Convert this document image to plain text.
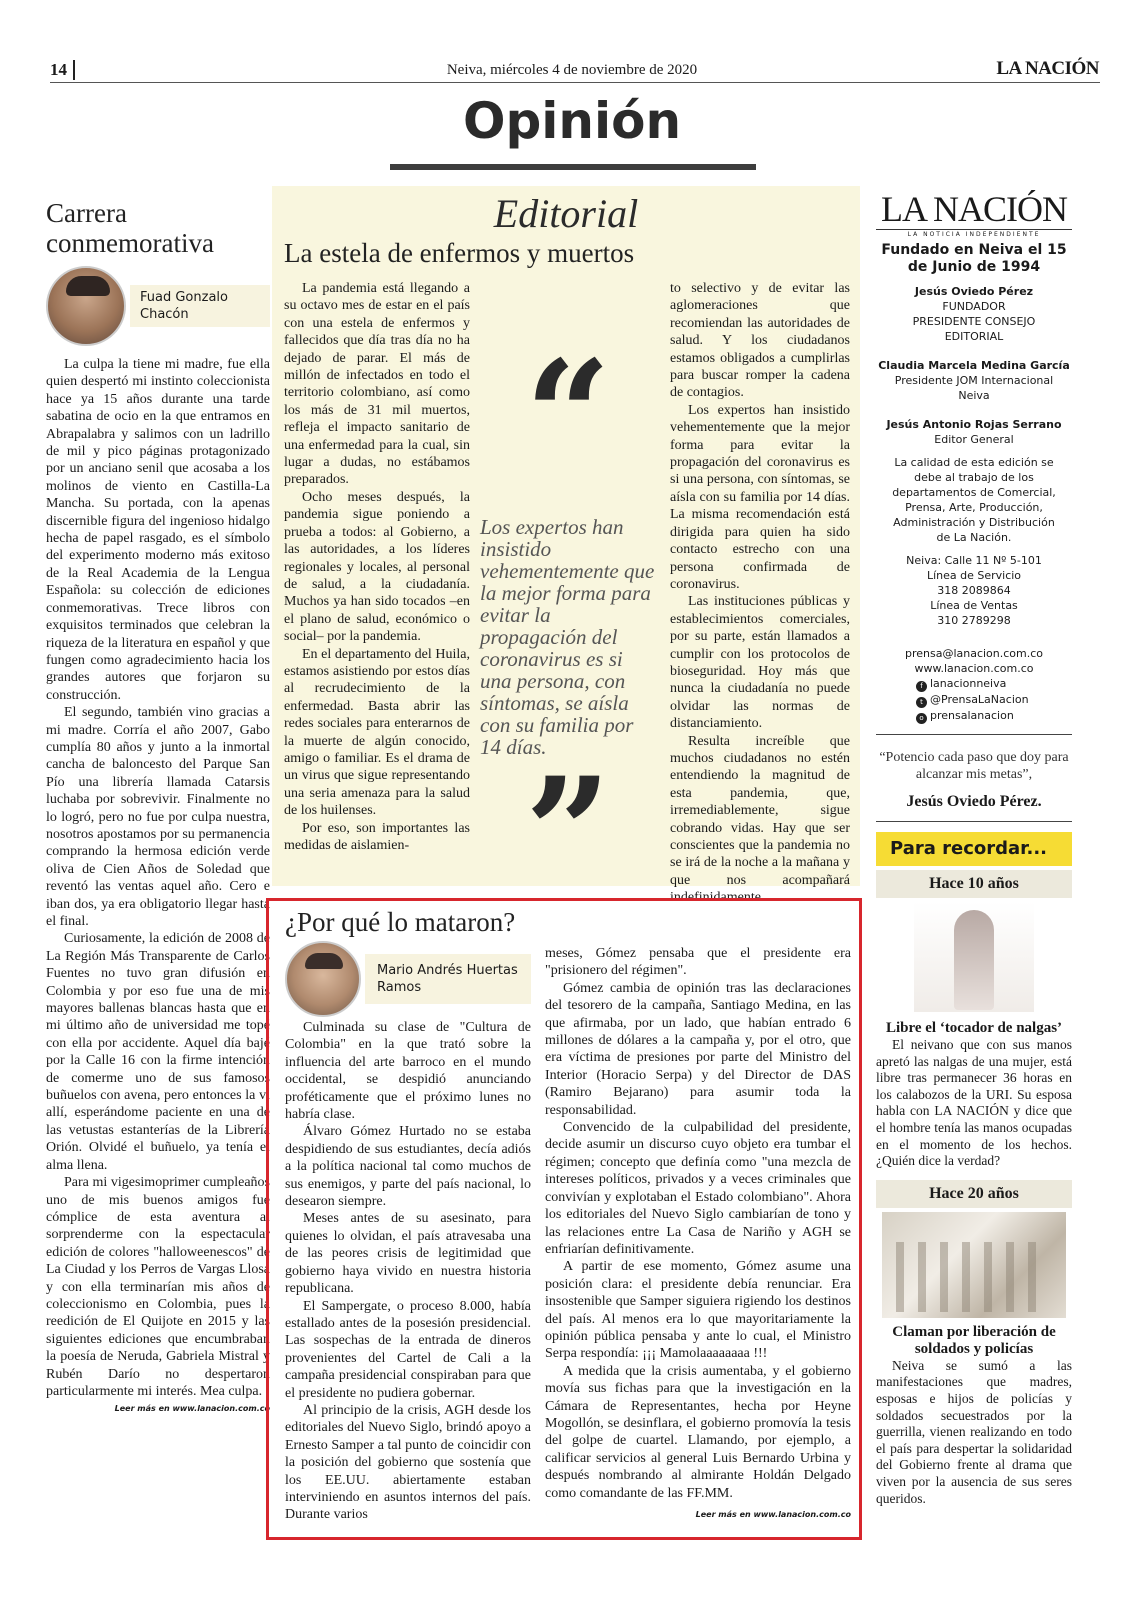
14	Neiva, miércoles 4 de noviembre de 2020	LA NACIÓN
Opinión
Carrera conmemorativa
Fuad Gonzalo Chacón

La culpa la tiene mi madre, fue ella quien despertó mi instinto coleccionista hace ya 15 años durante una tarde sabatina de ocio en la que entramos en Abrapalabra y salimos con un ladrillo de mil y pico páginas protagonizado por un anciano senil que acosaba a los molinos de viento en Castilla-La Mancha. Su portada, con la apenas discernible figura del ingenioso hidalgo hecha de papel rasgado, es el símbolo del experimento moderno más exitoso de la Real Academia de la Lengua Española: su colección de ediciones conmemorativas. Trece libros con exquisitos terminados que celebran la riqueza de la literatura en español y que fungen como agradecimiento hacia los grandes autores que forjaron su construcción.

El segundo, también vino gracias a mi madre. Corría el año 2007, Gabo cumplía 80 años y junto a la inmortal cancha de baloncesto del Parque San Pío una librería llamada Catarsis luchaba por sobrevivir. Finalmente no lo logró, pero no fue por culpa nuestra, nosotros apostamos por su permanencia comprando la hermosa edición verde oliva de Cien Años de Soledad que reventó las ventas aquel año. Cero e iban dos, ya era obligatorio llegar hasta el final.

Curiosamente, la edición de 2008 de La Región Más Transparente de Carlos Fuentes no tuvo gran difusión en Colombia y por eso fue una de mis mayores ballenas blancas hasta que en mi último año de universidad me topé con ella por accidente. Aquel día bajé por la Calle 16 con la firme intención de comerme uno de sus famosos buñuelos con avena, pero entonces la vi allí, esperándome paciente en una de las vetustas estanterías de la Librería Orión. Olvidé el buñuelo, ya tenía el alma llena.

Para mi vigesimoprimer cumpleaños uno de mis buenos amigos fue cómplice de esta aventura al sorprenderme con la espectacular edición de colores "halloweenescos" de La Ciudad y los Perros de Vargas Llosa y con ella terminarían mis años de coleccionismo en Colombia, pues la reedición de El Quijote en 2015 y las siguientes ediciones que encumbraban la poesía de Neruda, Gabriela Mistral y Rubén Darío no despertaron particularmente mi interés. Mea culpa.

Leer más en www.lanacion.com.co
Editorial
La estela de enfermos y muertos

La pandemia está llegando a su octavo mes de estar en el país con una estela de enfermos y fallecidos que día tras día no ha dejado de parar. El más de millón de infectados en todo el territorio colombiano, así como los más de 31 mil muertos, refleja el impacto sanitario de una enfermedad para la cual, sin lugar a dudas, no estábamos preparados.

Ocho meses después, la pandemia sigue poniendo a prueba a todos: al Gobierno, a las autoridades, a los líderes regionales y locales, al personal de salud, a la ciudadanía. Muchos ya han sido tocados –en el plano de salud, económico o social– por la pandemia.

En el departamento del Huila, estamos asistiendo por estos días al recrudecimiento de la enfermedad. Basta abrir las redes sociales para enterarnos de la muerte de algún conocido, amigo o familiar. Es el drama de un virus que sigue representando una seria amenaza para la salud de los huilenses.

Por eso, son importantes las medidas de aislamien-

“
Los expertos han insistido vehementemente que la mejor forma para evitar la propagación del coronavirus es si una persona, con síntomas, se aísla con su familia por 14 días.
”
to selectivo y de evitar las aglomeraciones que recomiendan las autoridades de salud. Y los ciudadanos estamos obligados a cumplirlas para buscar romper la cadena de contagios.

Los expertos han insistido vehementemente que la mejor forma para evitar la propagación del coronavirus es si una persona, con síntomas, se aísla con su familia por 14 días. La misma recomendación está dirigida para quien ha sido contacto estrecho con una persona confirmada de coronavirus.

Las instituciones públicas y establecimientos comerciales, por su parte, están llamados a cumplir con los protocolos de bioseguridad. Hoy más que nunca la ciudadanía no puede olvidar las normas de distanciamiento.

Resulta increíble que muchos ciudadanos no estén entendiendo la magnitud de esta pandemia, que, irremediablemente, sigue cobrando vidas. Hay que ser conscientes que la pandemia no se irá de la noche a la mañana y que nos acompañará indefinidamente.

¿Por qué lo mataron?
Mario Andrés Huertas Ramos

Culminada su clase de "Cultura de Colombia" en la que trató sobre la influencia del arte barroco en el mundo occidental, se despidió anunciando proféticamente que el próximo lunes no habría clase.

Álvaro Gómez Hurtado no se estaba despidiendo de sus estudiantes, decía adiós a la política nacional tal como muchos de sus enemigos, y parte del país nacional, lo desearon siempre.

Meses antes de su asesinato, para quienes lo olvidan, el país atravesaba una de las peores crisis de legitimidad que gobierno haya vivido en nuestra historia republicana.

El Sampergate, o proceso 8.000, había estallado antes de la posesión presidencial. Las sospechas de la entrada de dineros provenientes del Cartel de Cali a la campaña presidencial conspiraban para que el presidente no pudiera gobernar.

Al principio de la crisis, AGH desde los editoriales del Nuevo Siglo, brindó apoyo a Ernesto Samper a tal punto de coincidir con la posición del gobierno que sostenía que los EE.UU. abiertamente estaban interviniendo en asuntos internos del país. Durante varios

meses, Gómez pensaba que el presidente era "prisionero del régimen".

Gómez cambia de opinión tras las declaraciones del tesorero de la campaña, Santiago Medina, en las que afirmaba, por un lado, que habían entrado 6 millones de dólares a la campaña y, por el otro, que era víctima de presiones por parte del Ministro del Interior (Horacio Serpa) y del Director de DAS (Ramiro Bejarano) para asumir toda la responsabilidad.

Convencido de la culpabilidad del presidente, decide asumir un discurso cuyo objeto era tumbar el régimen; concepto que definía como "una mezcla de intereses políticos, privados y a veces criminales que convivían y explotaban el Estado colombiano". Ahora los editoriales del Nuevo Siglo cambiarían de tono y las relaciones entre La Casa de Nariño y AGH se enfriarían definitivamente.

A partir de ese momento, Gómez asume una posición clara: el presidente debía renunciar. Era insostenible que Samper siguiera rigiendo los destinos del país. Al menos era lo que mayoritariamente la opinión pública pensaba y ante lo cual, el Ministro Serpa respondía: ¡¡¡ Mamolaaaaaaaa !!!

A medida que la crisis aumentaba, y el gobierno movía sus fichas para que la investigación en la Cámara de Representantes, hecha por Heyne Mogollón, se desinflara, el gobierno promovía la tesis del golpe de cuartel. Llamando, por ejemplo, a calificar servicios al general Luis Bernardo Urbina y después nombrando al almirante Holdán Delgado como comandante de las FF.MM.

Leer más en www.lanacion.com.co
LA NACIÓN
LA NOTICIA INDEPENDIENTE
Fundado en Neiva el 15 de Junio de 1994
Jesús Oviedo Pérez
FUNDADOR
PRESIDENTE CONSEJO
EDITORIAL
Claudia Marcela Medina García
Presidente JOM Internacional
Neiva
Jesús Antonio Rojas Serrano
Editor General
La calidad de esta edición se debe al trabajo de los departamentos de Comercial, Prensa, Arte, Producción, Administración y Distribución de La Nación.
Neiva: Calle 11 Nº 5-101
Línea de Servicio
318 2089864
Línea de Ventas
310 2789298
prensa@lanacion.com.co
www.lanacion.com.co
f lanacionneiva
t @PrensaLaNacion
o prensalanacion
“Potencio cada paso que doy para alcanzar mis metas”,
Jesús Oviedo Pérez.
Para recordar...
Hace 10 años
Libre el ‘tocador de nalgas’

El neivano que con sus manos apretó las nalgas de una mujer, está libre tras permanecer 36 horas en los calabozos de la URI. Su esposa habla con LA NACIÓN y dice que el hombre tenía las manos ocupadas en el momento de los hechos. ¿Quién dice la verdad?

Hace 20 años
Claman por liberación de soldados y policías

Neiva se sumó a las manifestaciones que madres, esposas e hijos de policías y soldados secuestrados por la guerrilla, vienen realizando en todo el país para despertar la solidaridad del Gobierno frente al drama que viven por la ausencia de sus seres queridos.
